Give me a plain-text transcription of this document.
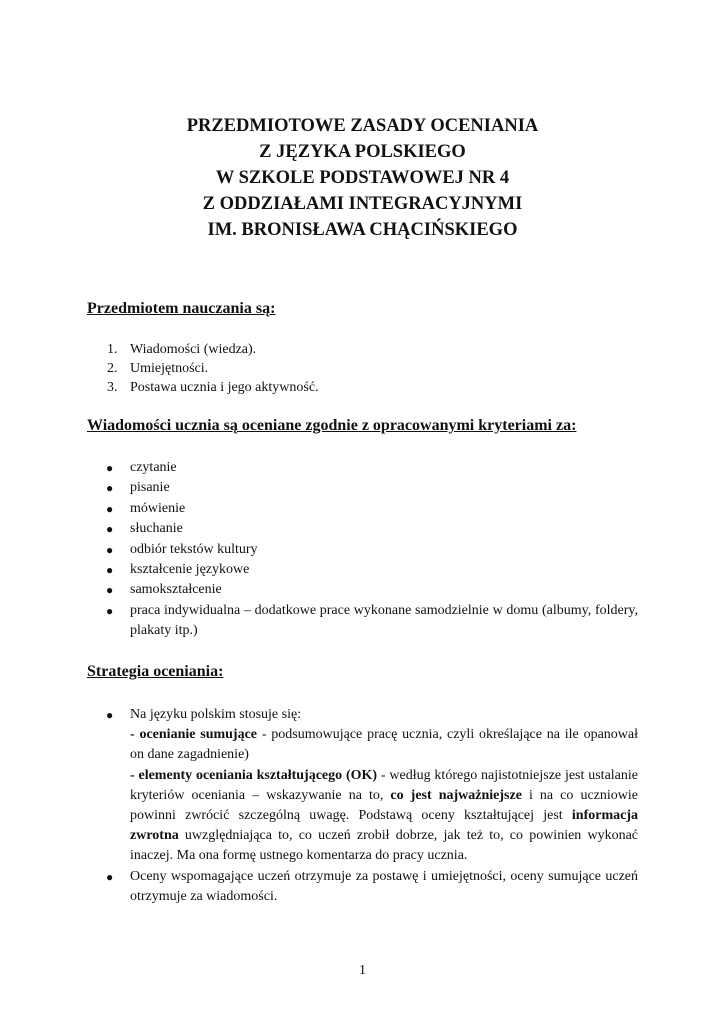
PRZEDMIOTOWE ZASADY OCENIANIA
Z JĘZYKA POLSKIEGO
W SZKOLE PODSTAWOWEJ NR 4
Z ODDZIAŁAMI INTEGRACYJNYMI
IM. BRONISŁAWA CHĄCIŃSKIEGO
Przedmiotem nauczania są:
1. Wiadomości (wiedza).
2. Umiejętności.
3. Postawa ucznia i jego aktywność.
Wiadomości ucznia są oceniane zgodnie z opracowanymi kryteriami za:
● czytanie
● pisanie
● mówienie
● słuchanie
● odbiór tekstów kultury
● kształcenie językowe
● samokształcenie
● praca indywidualna – dodatkowe prace wykonane samodzielnie w domu (albumy, foldery, plakaty itp.)
Strategia oceniania:
● Na języku polskim stosuje się:

- ocenianie sumujące - podsumowujące pracę ucznia, czyli określające na ile opanował on dane zagadnienie)

- elementy oceniania kształtującego (OK) - według którego najistotniejsze jest ustalanie kryteriów oceniania – wskazywanie na to, co jest najważniejsze i na co uczniowie powinni zwrócić szczególną uwagę. Podstawą oceny kształtującej jest informacja zwrotna uwzględniająca to, co uczeń zrobił dobrze, jak też to, co powinien wykonać inaczej. Ma ona formę ustnego komentarza do pracy ucznia.

● Oceny wspomagające uczeń otrzymuje za postawę i umiejętności, oceny sumujące uczeń otrzymuje za wiadomości.
1
